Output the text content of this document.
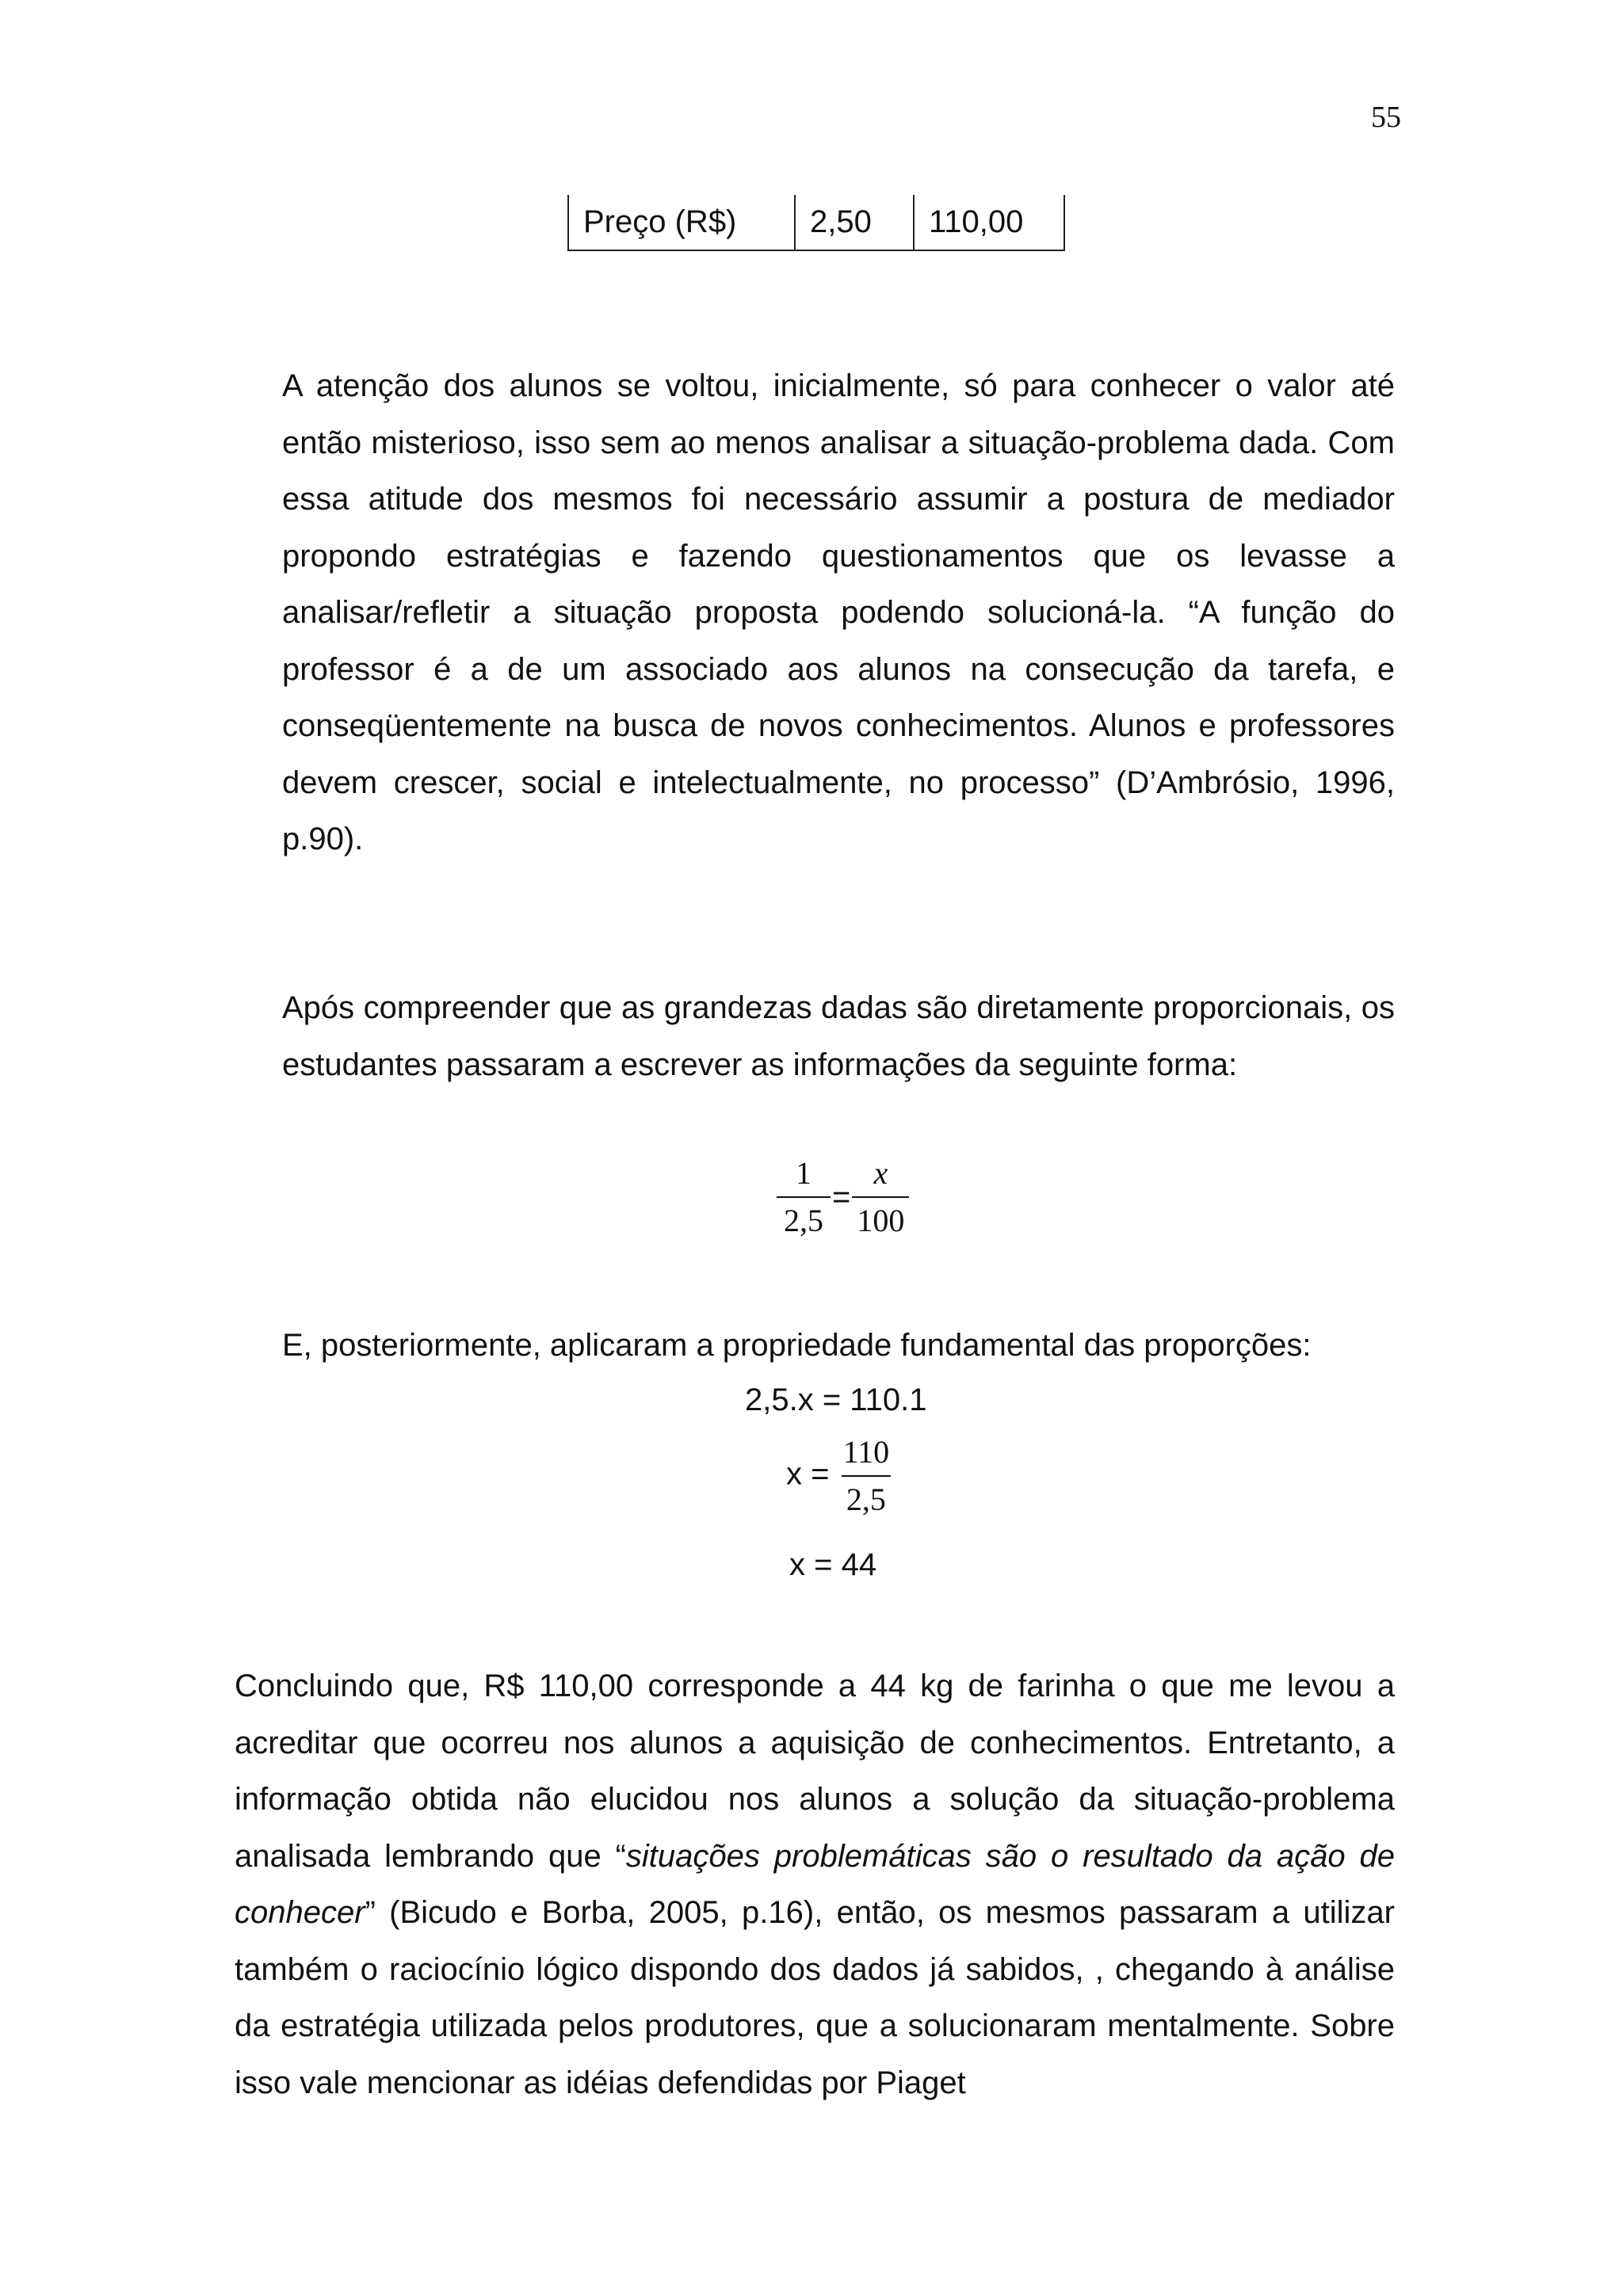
55
Preço (R$)	2,50	110,00

A atenção dos alunos se voltou, inicialmente, só para conhecer o valor até então misterioso, isso sem ao menos analisar a situação-problema dada. Com essa atitude dos mesmos foi necessário assumir a postura de mediador propondo estratégias e fazendo questionamentos que os levasse a analisar/refletir a situação proposta podendo solucioná-la. “A função do professor é a de um associado aos alunos na consecução da tarefa, e conseqüentemente na busca de novos conhecimentos. Alunos e professores devem crescer, social e intelectualmente, no processo” (D’Ambrósio, 1996, p.90).

Após compreender que as grandezas dadas são diretamente proporcionais, os estudantes passaram a escrever as informações da seguinte forma:

$\frac{1}{2,5} = \frac{x}{100}$

E, posteriormente, aplicaram a propriedade fundamental das proporções:

2,5.x = 110.1
$x = \frac{110}{2,5}$
x = 44

Concluindo que, R$ 110,00 corresponde a 44 kg de farinha o que me levou a acreditar que ocorreu nos alunos a aquisição de conhecimentos. Entretanto, a informação obtida não elucidou nos alunos a solução da situação-problema analisada lembrando que “situações problemáticas são o resultado da ação de conhecer” (Bicudo e Borba, 2005, p.16), então, os mesmos passaram a utilizar também o raciocínio lógico dispondo dos dados já sabidos, , chegando à análise da estratégia utilizada pelos produtores, que a solucionaram mentalmente. Sobre isso vale mencionar as idéias defendidas por Piaget
